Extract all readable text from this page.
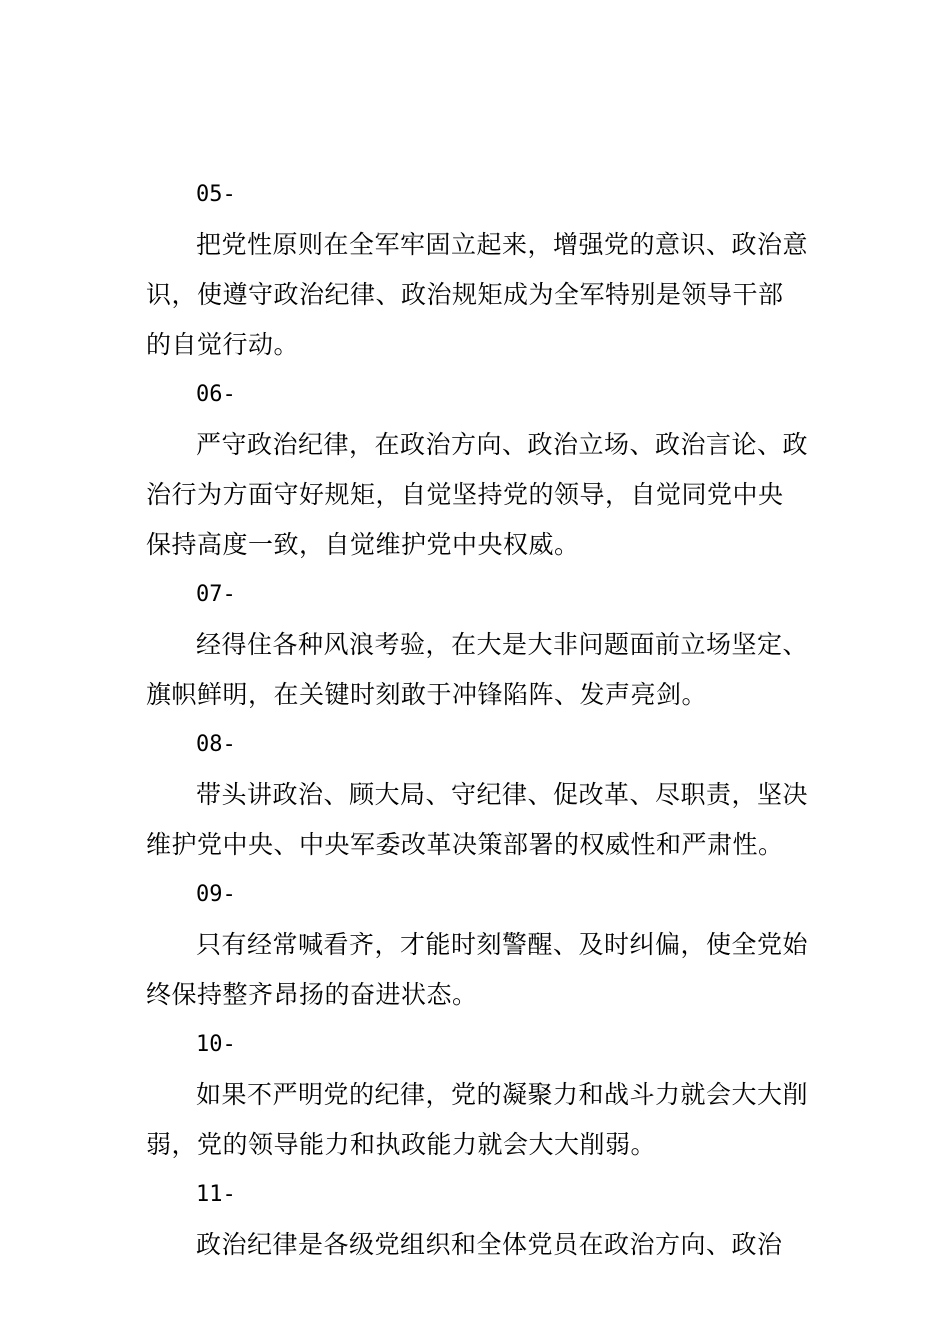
05-

把党性原则在全军牢固立起来，增强党的意识、政治意识，使遵守政治纪律、政治规矩成为全军特别是领导干部的自觉行动。

06-

严守政治纪律，在政治方向、政治立场、政治言论、政治行为方面守好规矩，自觉坚持党的领导，自觉同党中央保持高度一致，自觉维护党中央权威。

07-

经得住各种风浪考验，在大是大非问题面前立场坚定、旗帜鲜明，在关键时刻敢于冲锋陷阵、发声亮剑。

08-

带头讲政治、顾大局、守纪律、促改革、尽职责，坚决维护党中央、中央军委改革决策部署的权威性和严肃性。

09-

只有经常喊看齐，才能时刻警醒、及时纠偏，使全党始终保持整齐昂扬的奋进状态。

10-

如果不严明党的纪律，党的凝聚力和战斗力就会大大削弱，党的领导能力和执政能力就会大大削弱。

11-

政治纪律是各级党组织和全体党员在政治方向、政治
